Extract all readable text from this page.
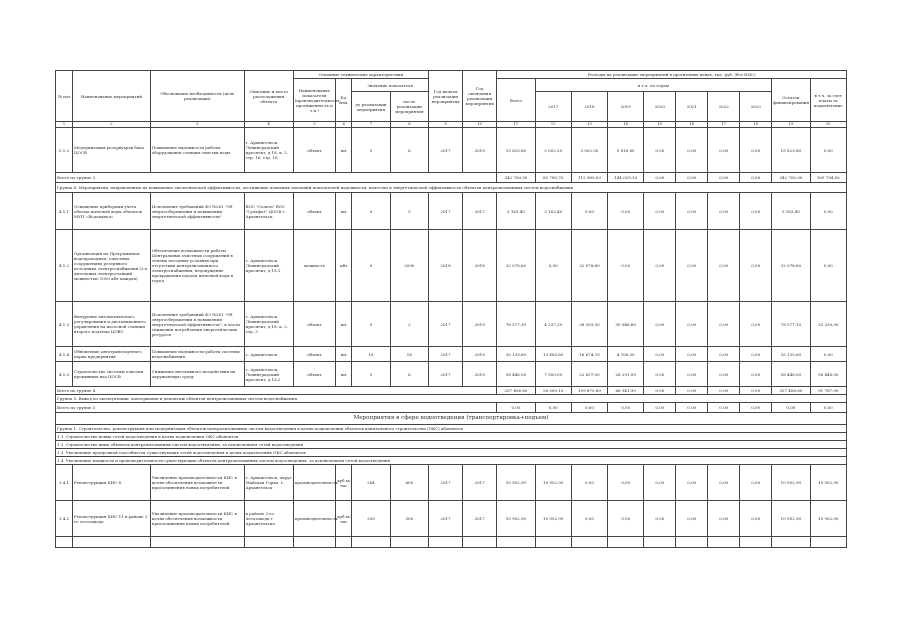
№ п/п	Наименование мероприятий	Обоснование необходимости (цель реализации)	Описание и место расположения объекта	Основные технические характеристики				Год начала реализации мероприятия	Год окончания реализации мероприятия	Расходы на реализацию мероприятий в прогнозных ценах, тыс. руб. (без НДС)									
				Наименование показателя (производительность, протяженность и т.п.)	Ед. изм.	Значение показателя				Всего	в т.ч. по годам							Остаток финансирования	в т.ч. за счет платы за подключение
						до реализации мероприятия	после реализации мероприятия				2017	2018	2019	2020	2021	2022	2023		
1	2	3	4	5	6	7	8	9	10	11	12	13	14	15	16	17	18	19	20
5.1.2	Модернизация резервуаров бака ЦОСВ	Повышение надежности работы оборудования станции очистки воды	г. Архангельск, Ленинградский проспект, д.18, к. 2, стр. 16, стр. 16	объект	шт	0	6	2017	2019	15 623,80	3 002,50	3 002,50	9 618,80	0,00	0,00	0,00	0,00	15 623,80	0,00
Всего по группе 3										342 700,90	85 780,70	112 989,00	144 025,10	0,00	0,00	0,00	0,00	342 700,90	169 794,00
Группа 4. Мероприятия, направленные на повышение экологической эффективности, достижение плановых значений показателей надежности, качества и энергетической эффективности объектов централизованных систем водоснабжения																			
4.1.1	Оснащение приборами учета объема питьевой воды объектов МУП «Водоканал»	Исполнение требований ФЗ №261 "Об энергосбережении и повышении энергетической эффективности"	ВОС "Сольза" ВОС "Сульфат" ЦОСВ г. Архангельск	объект	шт	0	5	2017	2017	3 163,40	3 163,40	0,00	0,00	0,00	0,00	0,00	0,00	3 163,40	0,00
4.1.2	Организация на Программном водопроводном, очистных сооружениях резервного источника электроснабжения (2-х дизельных электростанций мощностью 1000 кВт каждая)	Обеспечение возможности работы Центральных очистных сооружений в теплых погодных условиях при отсутствии централизованного электроснабжения, недопущение прекращения подачи питьевой воды в город	г. Архангельск, Ленинградский проспект, д.18,3	мощность	кВт	0	2000	2018	2018	32 078,60	0,00	32 078,60	0,00	0,00	0,00	0,00	0,00	32 078,60	0,00
4.1.3	Внедрение автоматического регулирования и дистанционного управления на насосной станции второго подъема ЦОВС	Исполнение требований ФЗ №261 "Об энергосбережении и повышении энергетической эффективности", в части снижения потребления энергетических ресурсов	г. Архангельск, Ленинградский проспект, д.18, к. 2, стр. 3	объект	шт	0	2	2017	2019	78 577,10	4 237,30	38 393,50	35 946,60	0,00	0,00	0,00	0,00	78 577,10	33 339,90
4.1.4	Обновление автотранспортного парка предприятия	Повышение надежности работы системы водоснабжения	г. Архангельск	объект	шт	18	18	2017	2019	35 139,60	13 683,80	16 674,70	4 706,50	0,00	0,00	0,00	0,00	35 139,60	0,00
4.1.5	Строительство системы очистки промывных вод ЦОСВ	Снижение негативного воздействия на окружающую среду	г. Архангельск, Ленинградский проспект, д.18,2	объект	шт	0	6	2017	2019	58 448,00	7 500,00	22 657,00	28 291,00	0,00	0,00	0,00	0,00	58 448,00	58 448,00
Всего по группе 4										207 406,80	28 589,10	109 875,80	68 941,90	0,00	0,00	0,00	0,00	207 406,80	91 787,90
Группа 5. Вывод из эксплуатации, консервация и демонтаж объектов централизованных систем водоснабжения																			
Всего по группе 5										0,00	0,00	0,00	0,00	0,00	0,00	0,00	0,00	0,00	0,00
Мероприятия в сфере водоотведения (транспортировка+подъем)																			
Группа 1. Строительство, реконструкция или модернизация объектов централизованных систем водоотведения в целях подключения объектов капитального строительства (ОКС) абонентов																			
1.1. Строительство новых сетей водоотведения в целях подключения ОКС абонентов																			
1.2. Строительство иных объектов централизованных систем водоотведения, за исключением сетей водоотведения																			
1.3. Увеличение пропускной способности существующих сетей водоотведения в целях подключения ОКС абонентов																			
1.4. Увеличение мощности и производительности существующих объектов централизованных систем водоотведения, за исключением сетей водоотведения																			
1.4.1	Реконструкция КНС-8	Увеличение производительности КНС в целях обеспечения возможности присоединения новых потребителей	г. Архангельск, округ Майская Горка, г. Архангельск	производительность	куб.м/час	264	600	2017	2017	10 952,90	10 952,90	0,00	0,00	0,00	0,00	0,00	0,00	10 952,90	10 952,90
1.4.2	Реконструкция КНС-11 в районе 2-го лесозавода	Увеличение производительности КНС в целях обеспечения возможности присоединения новых потребителей	в районе 2-го лесозавода г. Архангельска	производительность	куб.м/час	250	500	2017	2017	10 952,90	10 952,90	0,00	0,00	0,00	0,00	0,00	0,00	10 952,90	10 952,90
